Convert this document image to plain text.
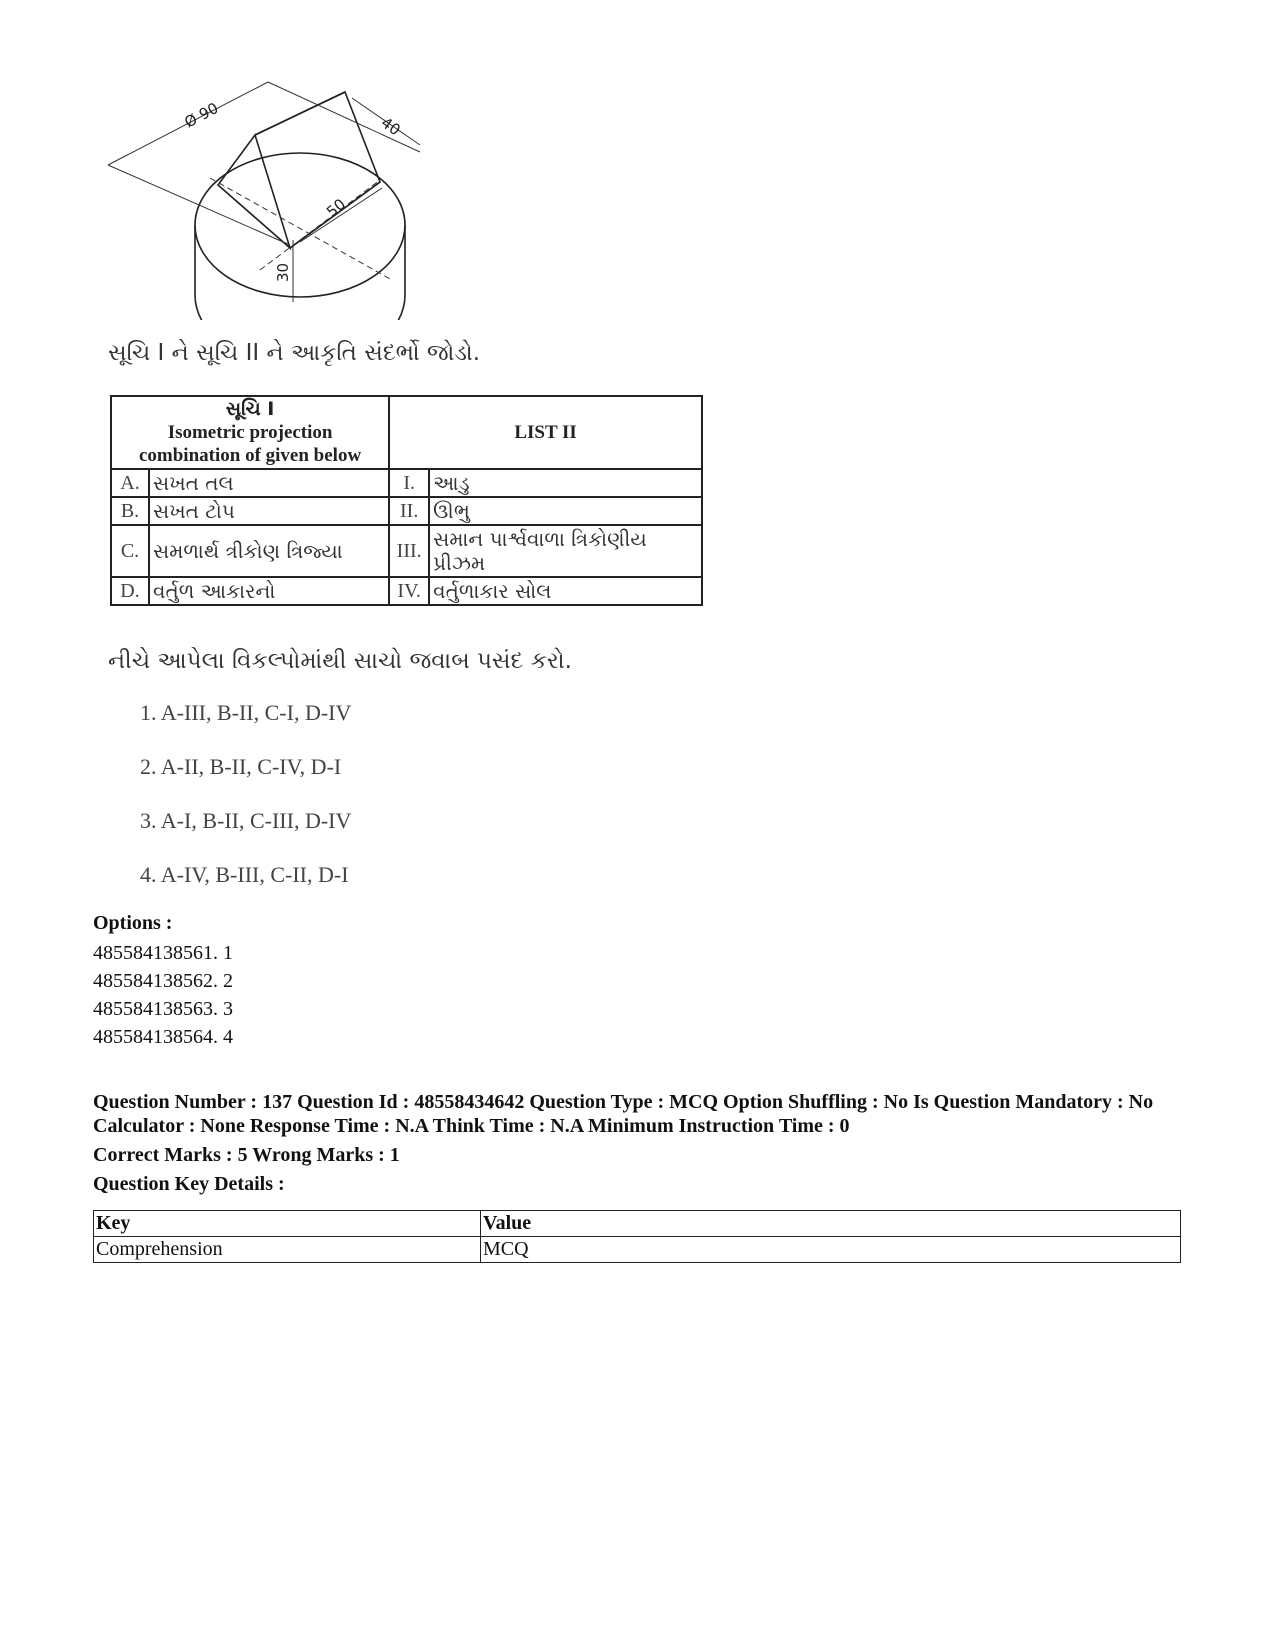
Ø 90	40
50
30
સૂચિ I ને સૂચિ II ને આકૃતિ સંદર્ભો જોડો.
સૂચિ I
Isometric projection combination of given below		LIST II	
A.	સખત તલ	I.	આડુ
B.	સખત ટોપ	II.	ઊભુ
C.	સમળાર્થ ત્રીકોણ ત્રિજ્યા	III.	સમાન પાર્શ્વવાળા ત્રિકોણીય પ્રીઝમ
D.	વર્તુળ આકારનો	IV.	વર્તુળાકાર સોલ
નીચે આપેલા વિકલ્પોમાંથી સાચો જવાબ પસંદ કરો.
1. A-III, B-II, C-I, D-IV
2. A-II, B-II, C-IV, D-I
3. A-I, B-II, C-III, D-IV
4. A-IV, B-III, C-II, D-I
Options :
485584138561. 1
485584138562. 2
485584138563. 3
485584138564. 4

Question Number : 137 Question Id : 48558434642 Question Type : MCQ Option Shuffling : No Is Question Mandatory : No Calculator : None Response Time : N.A Think Time : N.A Minimum Instruction Time : 0

Correct Marks : 5 Wrong Marks : 1

Question Key Details :

Key	Value
Comprehension	MCQ
